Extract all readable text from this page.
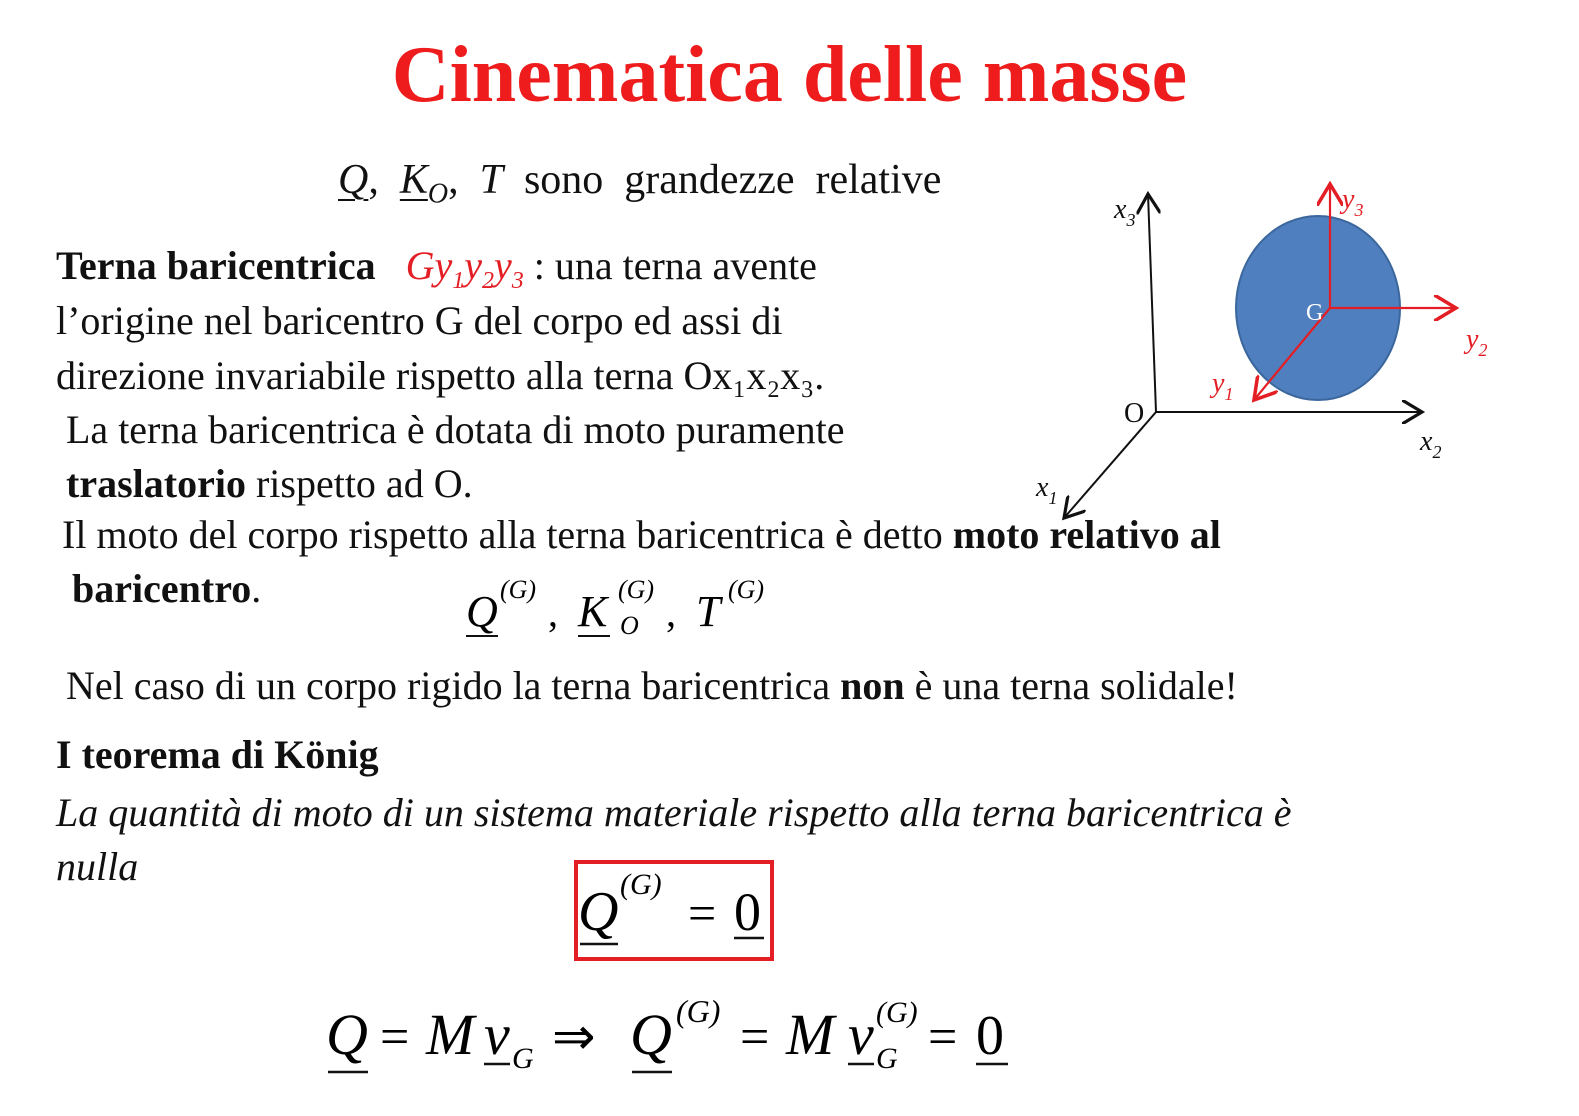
Cinematica delle masse
Q,  $K_O$,  T sono  grandezze  relative
Terna baricentrica $Gy_1y_2y_3$ : una terna avente
l’origine nel baricentro G del corpo ed assi di
direzione invariabile rispetto alla terna Ox₁x₂x₃.
La terna baricentrica è dotata di moto puramente
traslatorio rispetto ad O.
Il moto del corpo rispetto alla terna baricentrica è detto moto relativo al
baricentro.	Q (G)
, K (G)
O , T (G)
Nel caso di un corpo rigido la terna baricentrica non è una terna solidale!
I teorema di König
La quantità di moto di un sistema materiale rispetto alla terna baricentrica è
nulla
Q (G)
= 0
Q = M v G ⇒ Q (G) = M v (G)
G = 0
$x_3$
$x_2$
$x_1$
O
G
$y_3$
$y_2$
$y_1$
